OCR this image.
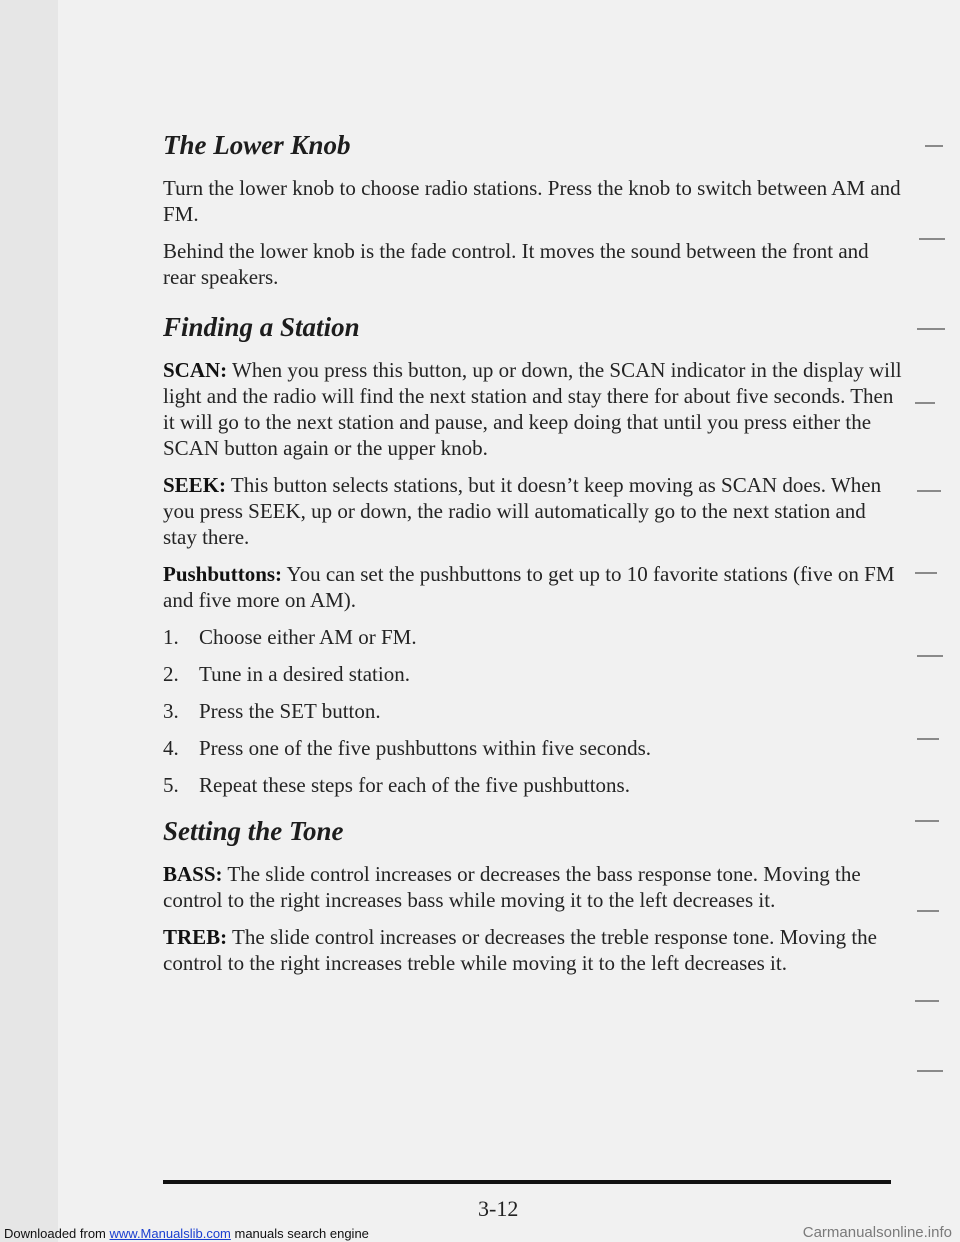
The Lower Knob

Turn the lower knob to choose radio stations. Press the knob to switch between AM and FM.

Behind the lower knob is the fade control. It moves the sound between the front and rear speakers.

Finding a Station

SCAN: When you press this button, up or down, the SCAN indicator in the display will light and the radio will find the next station and stay there for about five seconds. Then it will go to the next station and pause, and keep doing that until you press either the SCAN button again or the upper knob.

SEEK: This button selects stations, but it doesn’t keep moving as SCAN does. When you press SEEK, up or down, the radio will automatically go to the next station and stay there.

Pushbuttons: You can set the pushbuttons to get up to 10 favorite stations (five on FM and five more on AM).

1. Choose either AM or FM.
2. Tune in a desired station.
3. Press the SET button.
4. Press one of the five pushbuttons within five seconds.
5. Repeat these steps for each of the five pushbuttons.
Setting the Tone

BASS: The slide control increases or decreases the bass response tone. Moving the control to the right increases bass while moving it to the left decreases it.

TREB: The slide control increases or decreases the treble response tone. Moving the control to the right increases treble while moving it to the left decreases it.

3-12
Downloaded from www.Manualslib.com manuals search engine	Carmanualsonline.info
